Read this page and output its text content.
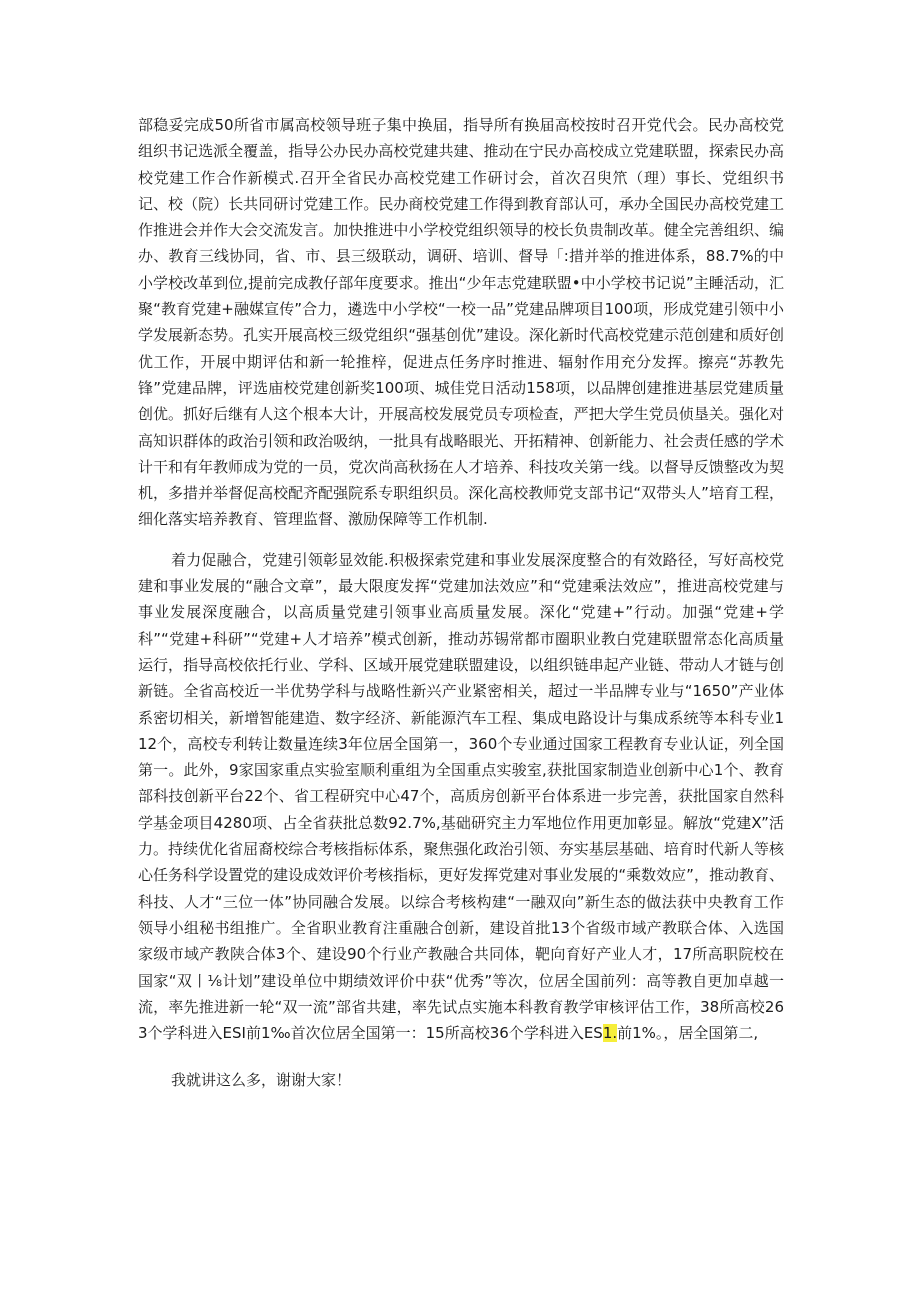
部稳妥完成50所省市属高校领导班子集中换届，指导所有换届高校按时召开党代会。民办高校党组织书记选派全覆盖，指导公办民办高校党建共建、推动在宁民办高校成立党建联盟，探索民办高校党建工作合作新模式.召开全省民办高校党建工作研讨会，首次召臾笊（理）事长、党组织书记、校（院）长共同研讨党建工作。民办商校党建工作得到教育部认可，承办全国民办高校党建工作推进会并作大会交流发言。加快推进中小学校党组织领导的校长负贵制改革。健全完善组织、编办、教育三线协同，省、市、县三级联动，调研、培训、督导「:措并举的推进体系，88.7%的中小学校改革到位,提前完成教仔部年度要求。推出“少年志党建联盟•中小学校书记说”主睡活动，汇聚“教育党建+融媒宣传”合力，遴选中小学校“一校一品”党建品牌项目100项，形成党建引领中小学发展新态势。孔实开展高校三级党组织“强基创优”建设。深化新时代高校党建示范创建和质好创优工作，开展中期评估和新一轮推梓，促进点任务序时推进、辐射作用充分发挥。擦亮“苏教先锋”党建品牌，评选庙校党建创新奖100项、城佳党日活动158项，以品牌创建推进基层党建质量创优。抓好后继有人这个根本大计，开展高校发展党员专项检查，严把大学生党员侦垦关。强化对高知识群体的政治引领和政治吸纳，一批具有战略眼光、开拓精神、创新能力、社会责任感的学术计干和有年教师成为党的一员，党次尚高秋扬在人才培养、科技攻关第一线。以督导反馈整改为契机，多措并举督促高校配齐配强院系专职组织员。深化高校教师党支部书记“双带头人”培育工程，细化落实培养教育、管理监督、激励保障等工作机制.

着力促融合，党建引领彰显效能.积极探索党建和事业发展深度整合的有效路径，写好高校党建和事业发展的“融合文章”，最大限度发挥“党建加法效应”和“党建乘法效应”，推进高校党建与事业发展深度融合，以高质量党建引领事业高质量发展。深化“党建+”行动。加强“党建+学科”“党建+科研”“党建+人才培养”模式创新，推动苏锡常都市圈职业教白党建联盟常态化高质量运行，指导高校依托行业、学科、区域开展党建联盟建设，以组织链串起产业链、带动人才链与创新链。全省高校近一半优势学科与战略性新兴产业紧密相关，超过一半品牌专业与“1650”产业体系密切相关，新增智能建造、数字经济、新能源汽车工程、集成电路设计与集成系统等本科专业112个，高校专利转让数量连续3年位居全国第一，360个专业通过国家工程教育专业认证，列全国第一。此外，9家国家重点实验室顺利重组为全国重点实骏室,获批国家制造业创新中心1个、教育部科技创新平台22个、省工程研究中心47个，高质房创新平台体系进一步完善，获批国家自然科学基金项目4280项、占全省获批总数92.7%,基础研究主力军地位作用更加彰显。解放“党建X”活力。持续优化省屈裔校综合考核指标体系，聚焦强化政治引领、夯实基层基础、培育时代新人等核心任务科学设置党的建设成效评价考核指标，更好发挥党建对事业发展的“乘数效应”，推动教育、科技、人才“三位一体”协同融合发展。以综合考核构建“一融双向”新生态的做法获中央教育工作领导小组秘书组推广。全省职业教育注重融合创新，建设首批13个省级市域产教联合体、入选国家级市域产教陕合体3个、建设90个行业产教融合共同体，靶向育好产业人才，17所高职院校在国家“双丨⅛计划”建设单位中期绩效评价中获“优秀”等次，位居全国前列：高等教自更加卓越一流，率先推进新一轮“双一流”部省共建，率先试点实施本科教育教学审核评估工作，38所高校263个学科进入ESI前1‰首次位居全国第一：15所高校36个学科进入ES1.前1%。，居全国第二,

我就讲这么多，谢谢大家！
